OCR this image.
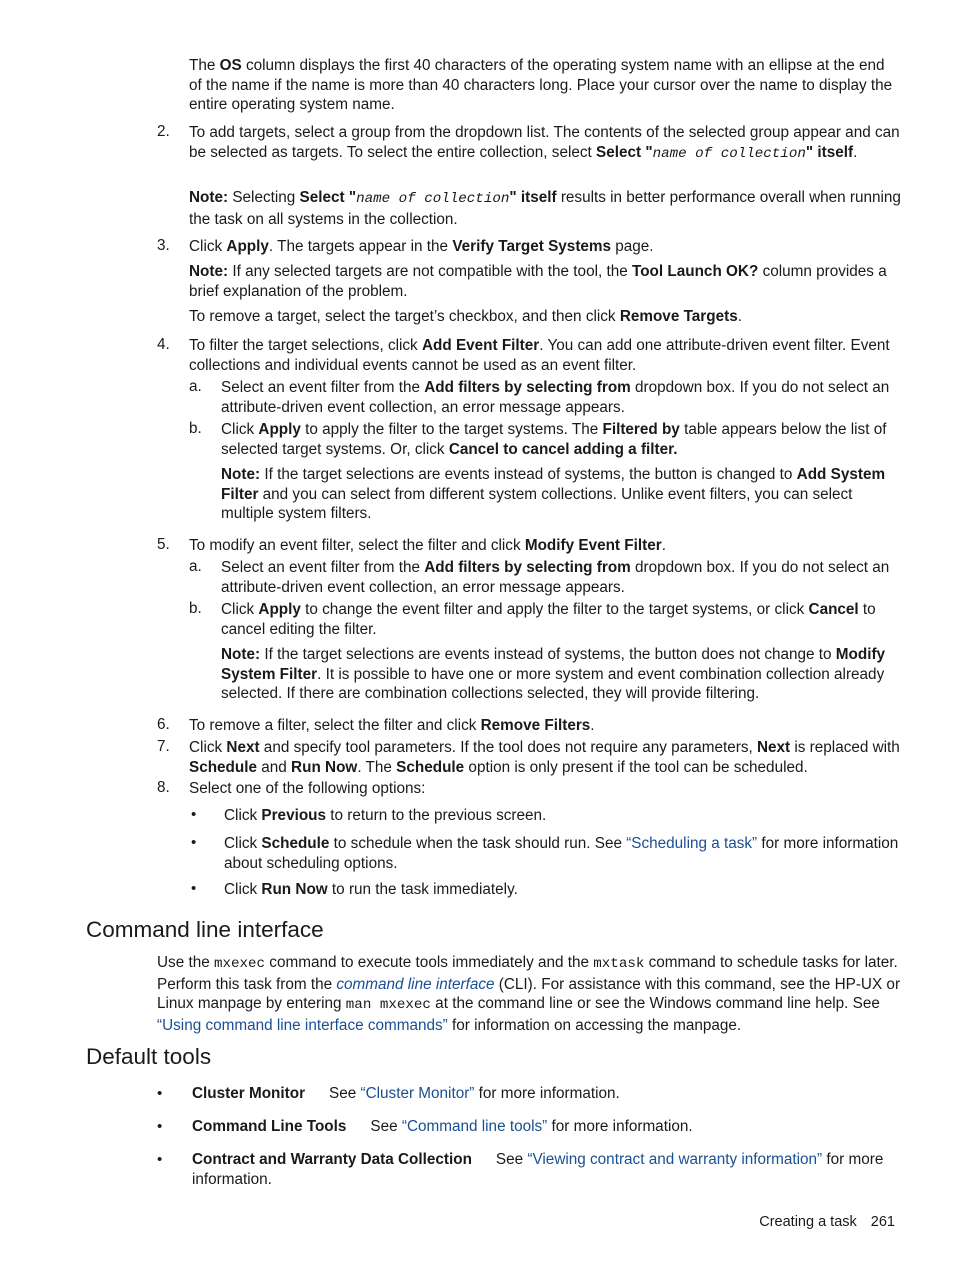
The OS column displays the first 40 characters of the operating system name with an ellipse at the end of the name if the name is more than 40 characters long. Place your cursor over the name to display the entire operating system name.

2.	To add targets, select a group from the dropdown list. The contents of the selected group appear and can be selected as targets. To select the entire collection, select Select "name of collection" itself.

Note: Selecting Select "name of collection" itself results in better performance overall when running the task on all systems in the collection.

3.	Click Apply. The targets appear in the Verify Target Systems page.

Note: If any selected targets are not compatible with the tool, the Tool Launch OK? column provides a brief explanation of the problem.

To remove a target, select the target’s checkbox, and then click Remove Targets.

4.	To filter the target selections, click Add Event Filter. You can add one attribute-driven event filter. Event collections and individual events cannot be used as an event filter.

a.	Select an event filter from the Add filters by selecting from dropdown box. If you do not select an attribute-driven event collection, an error message appears.

b.	Click Apply to apply the filter to the target systems. The Filtered by table appears below the list of selected target systems. Or, click Cancel to cancel adding a filter.

Note: If the target selections are events instead of systems, the button is changed to Add System Filter and you can select from different system collections. Unlike event filters, you can select multiple system filters.

5.	To modify an event filter, select the filter and click Modify Event Filter.

a.	Select an event filter from the Add filters by selecting from dropdown box. If you do not select an attribute-driven event collection, an error message appears.

b.	Click Apply to change the event filter and apply the filter to the target systems, or click Cancel to cancel editing the filter.

Note: If the target selections are events instead of systems, the button does not change to Modify System Filter. It is possible to have one or more system and event combination collection already selected. If there are combination collections selected, they will provide filtering.

6.	To remove a filter, select the filter and click Remove Filters.

7.	Click Next and specify tool parameters. If the tool does not require any parameters, Next is replaced with Schedule and Run Now. The Schedule option is only present if the tool can be scheduled.

8.	Select one of the following options:

• Click Previous to return to the previous screen.

• Click Schedule to schedule when the task should run. See “Scheduling a task” for more information about scheduling options.

• Click Run Now to run the task immediately.

Command line interface

Use the mxexec command to execute tools immediately and the mxtask command to schedule tasks for later. Perform this task from the command line interface (CLI). For assistance with this command, see the HP-UX or Linux manpage by entering man mxexec at the command line or see the Windows command line help. See “Using command line interface commands” for information on accessing the manpage.

Default tools
• Cluster Monitor See “Cluster Monitor” for more information.

• Command Line Tools See “Command line tools” for more information.

• Contract and Warranty Data Collection See “Viewing contract and warranty information” for more information.

Creating a task 261
